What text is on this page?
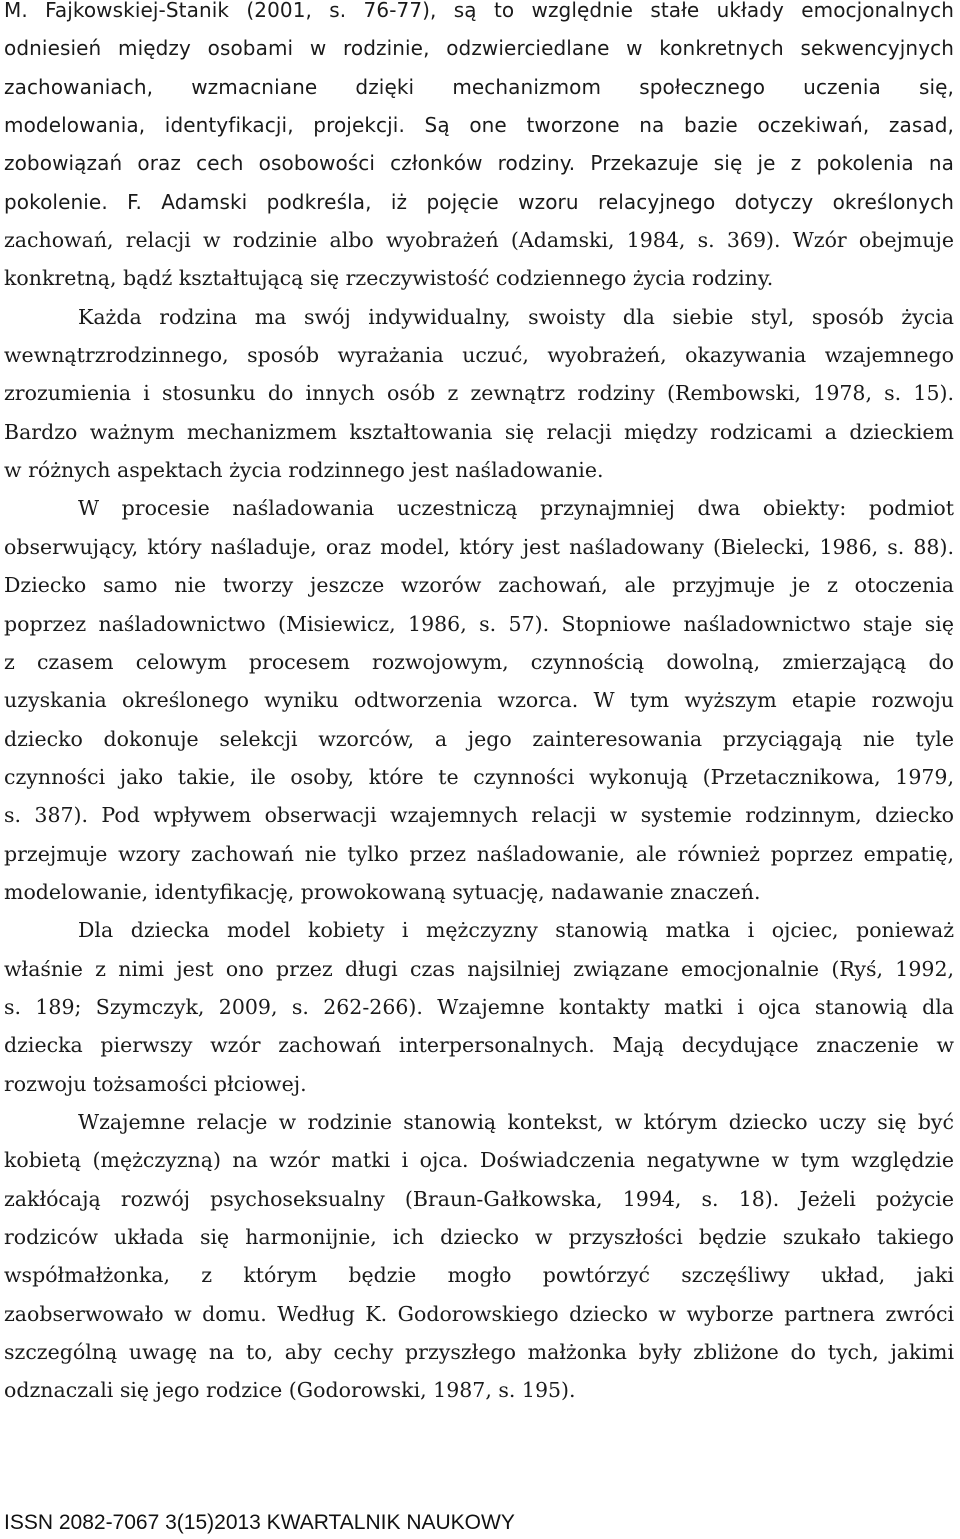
M. Fajkowskiej-Stanik (2001, s. 76-77), są to względnie stałe układy emocjonalnych
odniesień między osobami w rodzinie, odzwierciedlane w konkretnych sekwencyjnych
zachowaniach, wzmacniane dzięki mechanizmom społecznego uczenia się,
modelowania, identyfikacji, projekcji. Są one tworzone na bazie oczekiwań, zasad,
zobowiązań oraz cech osobowości członków rodziny. Przekazuje się je z pokolenia na
pokolenie. F. Adamski podkreśla, iż pojęcie wzoru relacyjnego dotyczy określonych
zachowań, relacji w rodzinie albo wyobrażeń (Adamski, 1984, s. 369). Wzór obejmuje
konkretną, bądź kształtującą się rzeczywistość codziennego życia rodziny.
Każda rodzina ma swój indywidualny, swoisty dla siebie styl, sposób życia
wewnątrzrodzinnego, sposób wyrażania uczuć, wyobrażeń, okazywania wzajemnego
zrozumienia i stosunku do innych osób z zewnątrz rodziny (Rembowski, 1978, s. 15).
Bardzo ważnym mechanizmem kształtowania się relacji między rodzicami a dzieckiem
w różnych aspektach życia rodzinnego jest naśladowanie.
W procesie naśladowania uczestniczą przynajmniej dwa obiekty: podmiot
obserwujący, który naśladuje, oraz model, który jest naśladowany (Bielecki, 1986, s. 88).
Dziecko samo nie tworzy jeszcze wzorów zachowań, ale przyjmuje je z otoczenia
poprzez naśladownictwo (Misiewicz, 1986, s. 57). Stopniowe naśladownictwo staje się
z czasem celowym procesem rozwojowym, czynnością dowolną, zmierzającą do
uzyskania określonego wyniku odtworzenia wzorca. W tym wyższym etapie rozwoju
dziecko dokonuje selekcji wzorców, a jego zainteresowania przyciągają nie tyle
czynności jako takie, ile osoby, które te czynności wykonują (Przetacznikowa, 1979,
s. 387). Pod wpływem obserwacji wzajemnych relacji w systemie rodzinnym, dziecko
przejmuje wzory zachowań nie tylko przez naśladowanie, ale również poprzez empatię,
modelowanie, identyfikację, prowokowaną sytuację, nadawanie znaczeń.
Dla dziecka model kobiety i mężczyzny stanowią matka i ojciec, ponieważ
właśnie z nimi jest ono przez długi czas najsilniej związane emocjonalnie (Ryś, 1992,
s. 189; Szymczyk, 2009, s. 262-266). Wzajemne kontakty matki i ojca stanowią dla
dziecka pierwszy wzór zachowań interpersonalnych. Mają decydujące znaczenie w
rozwoju tożsamości płciowej.
Wzajemne relacje w rodzinie stanowią kontekst, w którym dziecko uczy się być
kobietą (mężczyzną) na wzór matki i ojca. Doświadczenia negatywne w tym względzie
zakłócają rozwój psychoseksualny (Braun-Gałkowska, 1994, s. 18). Jeżeli pożycie
rodziców układa się harmonijnie, ich dziecko w przyszłości będzie szukało takiego
współmałżonka, z którym będzie mogło powtórzyć szczęśliwy układ, jaki
zaobserwowało w domu. Według K. Godorowskiego dziecko w wyborze partnera zwróci
szczególną uwagę na to, aby cechy przyszłego małżonka były zbliżone do tych, jakimi
odznaczali się jego rodzice (Godorowski, 1987, s. 195).
ISSN 2082-7067 3(15)2013 KWARTALNIK NAUKOWY
